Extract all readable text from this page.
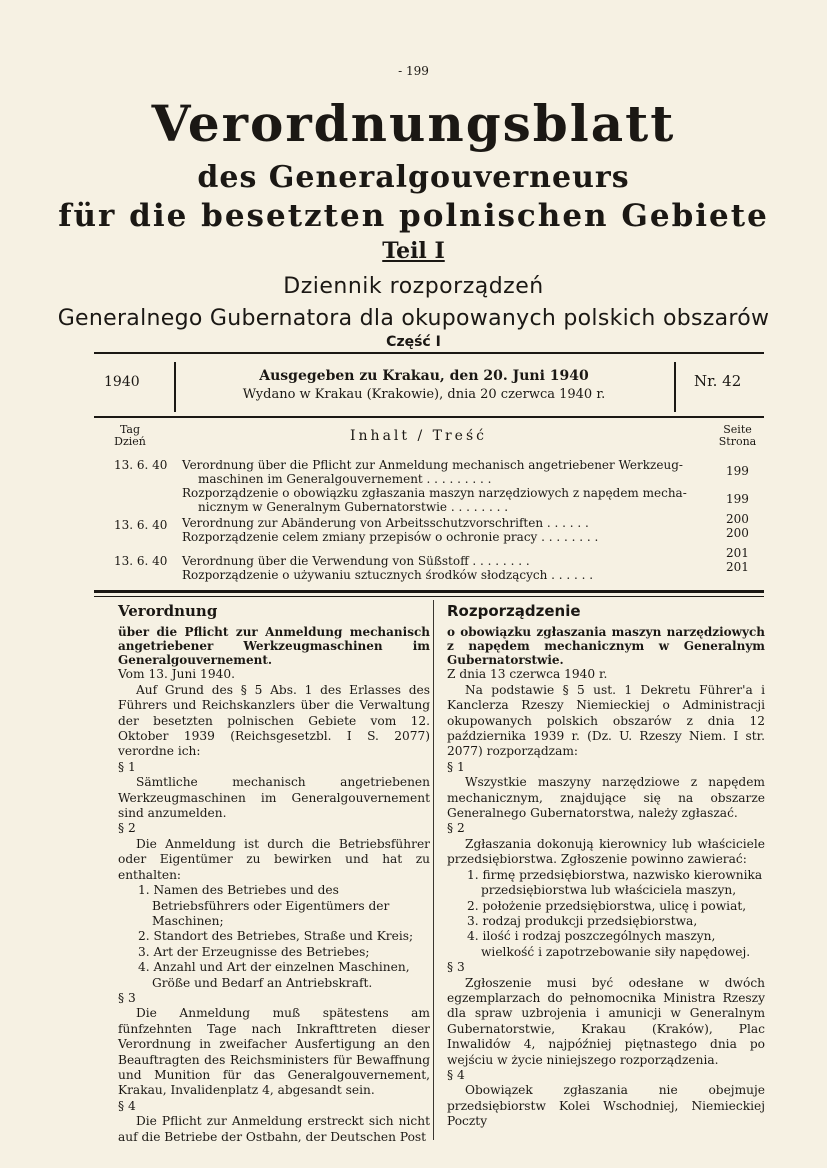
- 199
Verordnungsblatt
des Generalgouverneurs
für die besetzten polnischen Gebiete
Teil I
Dziennik rozporządzeń
Generalnego Gubernatora dla okupowanych polskich obszarów
Część I
1940	Ausgegeben zu Krakau, den 20. Juni 1940
Wydano w Krakau (Krakowie), dnia 20 czerwca 1940 r.
Nr. 42
Tag
Dzień	Inhalt / Treść	Seite
Strona
13. 6. 40 Verordnung über die Pflicht zur Anmeldung mechanisch angetriebener Werkzeug-
maschinen im Generalgouvernement . . . . . . . . .
199
Rozporządzenie o obowiązku zgłaszania maszyn narzędziowych z napędem mecha-
nicznym w Generalnym Gubernatorstwie . . . . . . . .
199
13. 6. 40 Verordnung zur Abänderung von Arbeitsschutzvorschriften . . . . . .	200
Rozporządzenie celem zmiany przepisów o ochronie pracy . . . . . . . .	200
13. 6. 40 Verordnung über die Verwendung von Süßstoff . . . . . . . .
201
Rozporządzenie o używaniu sztucznych środków słodzących . . . . . .
201

Verordnung

über die Pflicht zur Anmeldung mechanisch angetriebener Werkzeugmaschinen im Generalgouvernement.

Vom 13. Juni 1940.

Auf Grund des § 5 Abs. 1 des Erlasses des Führers und Reichskanzlers über die Verwaltung der besetzten polnischen Gebiete vom 12. Oktober 1939 (Reichsgesetzbl. I S. 2077) verordne ich:

§ 1

Sämtliche mechanisch angetriebenen Werkzeugmaschinen im Generalgouvernement sind anzumelden.

§ 2

Die Anmeldung ist durch die Betriebsführer oder Eigentümer zu bewirken und hat zu enthalten:

1. Namen des Betriebes und des Betriebsführers oder Eigentümers der Maschinen;
2. Standort des Betriebes, Straße und Kreis;
3. Art der Erzeugnisse des Betriebes;
4. Anzahl und Art der einzelnen Maschinen, Größe und Bedarf an Antriebskraft.

§ 3

Die Anmeldung muß spätestens am fünfzehnten Tage nach Inkrafttreten dieser Verordnung in zweifacher Ausfertigung an den Beauftragten des Reichsministers für Bewaffnung und Munition für das Generalgouvernement, Krakau, Invalidenplatz 4, abgesandt sein.

§ 4

Die Pflicht zur Anmeldung erstreckt sich nicht auf die Betriebe der Ostbahn, der Deutschen Post

Rozporządzenie

o obowiązku zgłaszania maszyn narzędziowych z napędem mechanicznym w Generalnym Gubernatorstwie.

Z dnia 13 czerwca 1940 r.

Na podstawie § 5 ust. 1 Dekretu Führer'a i Kanclerza Rzeszy Niemieckiej o Administracji okupowanych polskich obszarów z dnia 12 października 1939 r. (Dz. U. Rzeszy Niem. I str. 2077) rozporządzam:

§ 1

Wszystkie maszyny narzędziowe z napędem mechanicznym, znajdujące się na obszarze Generalnego Gubernatorstwa, należy zgłaszać.

§ 2

Zgłaszania dokonują kierownicy lub właściciele przedsiębiorstwa. Zgłoszenie powinno zawierać:

1. firmę przedsiębiorstwa, nazwisko kierownika przedsiębiorstwa lub właściciela maszyn,
2. położenie przedsiębiorstwa, ulicę i powiat,
3. rodzaj produkcji przedsiębiorstwa,
4. ilość i rodzaj poszczególnych maszyn, wielkość i zapotrzebowanie siły napędowej.

§ 3

Zgłoszenie musi być odesłane w dwóch egzemplarzach do pełnomocnika Ministra Rzeszy dla spraw uzbrojenia i amunicji w Generalnym Gubernatorstwie, Krakau (Kraków), Plac Inwalidów 4, najpóźniej piętnastego dnia po wejściu w życie niniejszego rozporządzenia.

§ 4

Obowiązek zgłaszania nie obejmuje przedsiębiorstw Kolei Wschodniej, Niemieckiej Poczty
